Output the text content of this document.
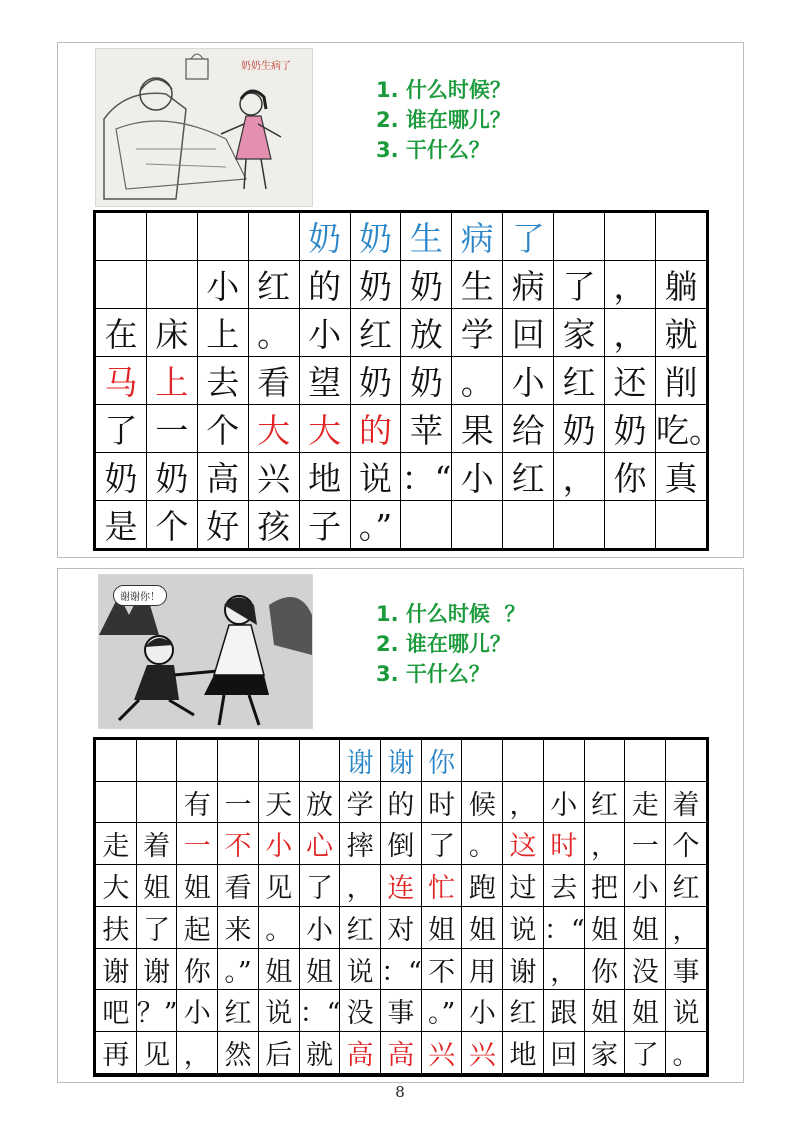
奶奶生病了
1. 什么时候？
2. 谁在哪儿？
3. 干什么？
				奶	奶	生	病	了			
		小	红	的	奶	奶	生	病	了	，	躺
在	床	上	。	小	红	放	学	回	家	，	就
马	上	去	看	望	奶	奶	。	小	红	还	削
了	一	个	大	大	的	苹	果	给	奶	奶	吃。
奶	奶	高	兴	地	说	：“	小	红	，	你	真
是	个	好	孩	子	。”						
谢谢你！
1. 什么时候  ？
2. 谁在哪儿？
3. 干什么？
						谢	谢	你						
		有	一	天	放	学	的	时	候	，	小	红	走	着
走	着	一	不	小	心	摔	倒	了	。	这	时	，	一	个
大	姐	姐	看	见	了	，	连	忙	跑	过	去	把	小	红
扶	了	起	来	。	小	红	对	姐	姐	说	：“	姐	姐	，
谢	谢	你	。”	姐	姐	说	：“	不	用	谢	，	你	没	事
吧	？”	小	红	说	：“	没	事	。”	小	红	跟	姐	姐	说
再	见	，	然	后	就	高	高	兴	兴	地	回	家	了	。

8
